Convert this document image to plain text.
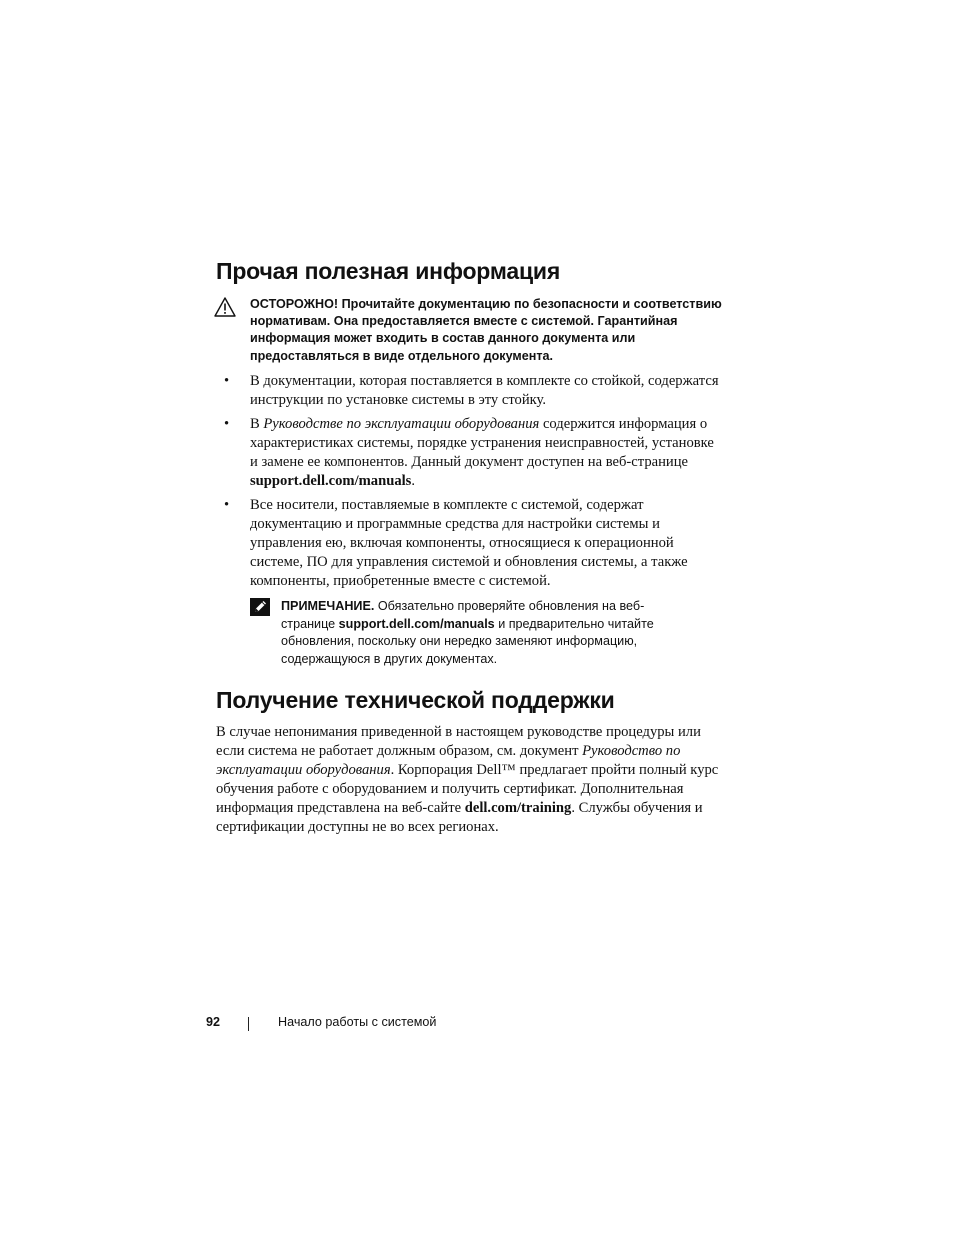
Прочая полезная информация
ОСТОРОЖНО! Прочитайте документацию по безопасности и соответствию нормативам. Она предоставляется вместе с системой. Гарантийная информация может входить в состав данного документа или предоставляться в виде отдельного документа.
• В документации, которая поставляется в комплекте со стойкой, содержатся инструкции по установке системы в эту стойку.
• В Руководстве по эксплуатации оборудования содержится информация о характеристиках системы, порядке устранения неисправностей, установке и замене ее компонентов. Данный документ доступен на веб-странице support.dell.com/manuals.
• Все носители, поставляемые в комплекте с системой, содержат документацию и программные средства для настройки системы и управления ею, включая компоненты, относящиеся к операционной системе, ПО для управления системой и обновления системы, а также компоненты, приобретенные вместе с системой.
ПРИМЕЧАНИЕ. Обязательно проверяйте обновления на веб-странице support.dell.com/manuals и предварительно читайте обновления, поскольку они нередко заменяют информацию, содержащуюся в других документах.
Получение технической поддержки

В случае непонимания приведенной в настоящем руководстве процедуры или если система не работает должным образом, см. документ Руководство по эксплуатации оборудования. Корпорация Dell™ предлагает пройти полный курс обучения работе с оборудованием и получить сертификат. Дополнительная информация представлена на веб-сайте dell.com/training. Службы обучения и сертификации доступны не во всех регионах.

92	Начало работы с системой
